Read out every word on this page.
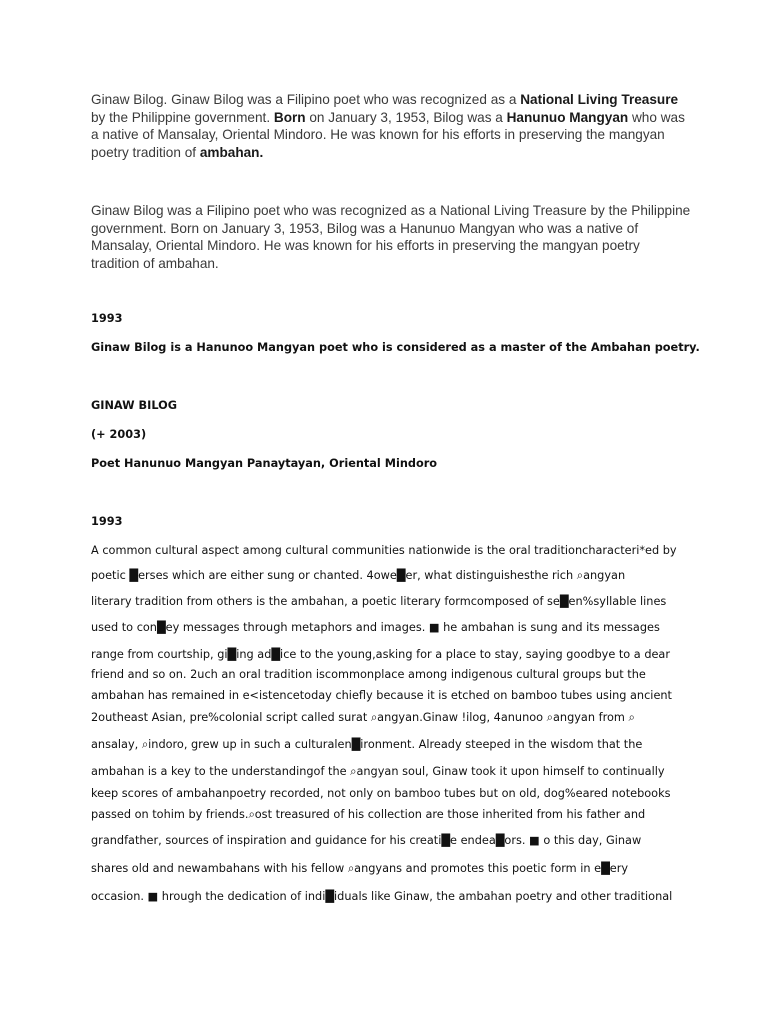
Ginaw Bilog. Ginaw Bilog was a Filipino poet who was recognized as a National Living Treasure by the Philippine government. Born on January 3, 1953, Bilog was a Hanunuo Mangyan who was a native of Mansalay, Oriental Mindoro. He was known for his efforts in preserving the mangyan poetry tradition of ambahan.

Ginaw Bilog was a Filipino poet who was recognized as a National Living Treasure by the Philippine government. Born on January 3, 1953, Bilog was a Hanunuo Mangyan who was a native of Mansalay, Oriental Mindoro. He was known for his efforts in preserving the mangyan poetry tradition of ambahan.

1993

Ginaw Bilog is a Hanunoo Mangyan poet who is considered as a master of the Ambahan poetry.

GINAW BILOG

(+ 2003)

Poet Hanunuo Mangyan Panaytayan, Oriental Mindoro

1993

A common cultural aspect among cultural communities nationwide is the oral traditioncharacteri*ed by

poetic █erses which are either sung or chanted. 4owe█er, what distinguishesthe rich ⌕angyan

literary tradition from others is the ambahan, a poetic literary formcomposed of se█en%syllable lines

used to con█ey messages through metaphors and images. ■ he ambahan is sung and its messages

range from courtship, gi█ing ad█ice to the young,asking for a place to stay, saying goodbye to a dear

friend and so on. 2uch an oral tradition iscommonplace among indigenous cultural groups but the

ambahan has remained in e<istencetoday chiefly because it is etched on bamboo tubes using ancient

2outheast Asian, pre%colonial script called surat ⌕angyan.Ginaw !ilog, 4anunoo ⌕angyan from ⌕

ansalay, ⌕indoro, grew up in such a culturalen█ironment. Already steeped in the wisdom that the

ambahan is a key to the understandingof the ⌕angyan soul, Ginaw took it upon himself to continually

keep scores of ambahanpoetry recorded, not only on bamboo tubes but on old, dog%eared notebooks

passed on tohim by friends.⌕ost treasured of his collection are those inherited from his father and

grandfather, sources of inspiration and guidance for his creati█e endea█ors. ■ o this day, Ginaw

shares old and newambahans with his fellow ⌕angyans and promotes this poetic form in e█ery

occasion. ■ hrough the dedication of indi█iduals like Ginaw, the ambahan poetry and other traditional
